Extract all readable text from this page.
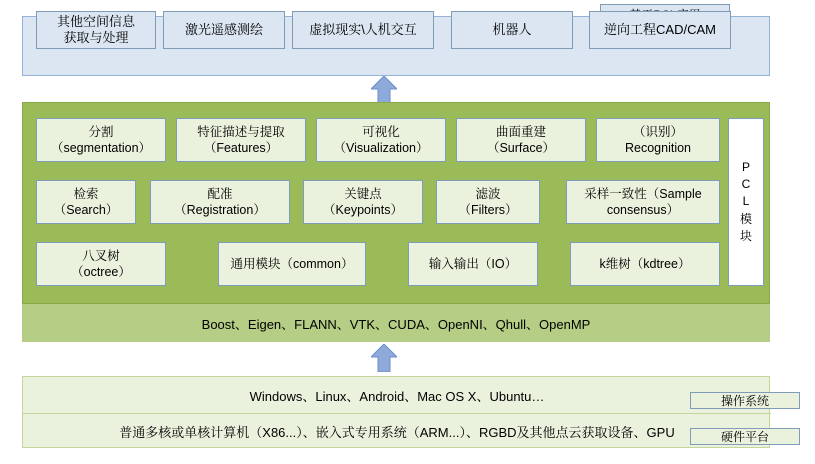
其他空间信息
获取与处理
激光遥感测绘	虚拟现实\人机交互	机器人	逆向工程CAD/CAM
分割
（segmentation）
特征描述与提取
（Features）
可视化
（Visualization）
曲面重建
（Surface）
（识别）
Recognition
检索
（Search）
配准
（Registration）
关键点
（Keypoints）
滤波
（Filters）
采样一致性（Sample
consensus）
八叉树
（octree）
通用模块（common）	输入输出（IO）	k维树（kdtree）
P
C
L
模
块
Boost、Eigen、FLANN、VTK、CUDA、OpenNI、Qhull、OpenMP
Windows、Linux、Android、Mac OS X、Ubuntu…
普通多核或单核计算机（X86...）、嵌入式专用系统（ARM...）、RGBD及其他点云获取设备、GPU
操作系统
硬件平台
